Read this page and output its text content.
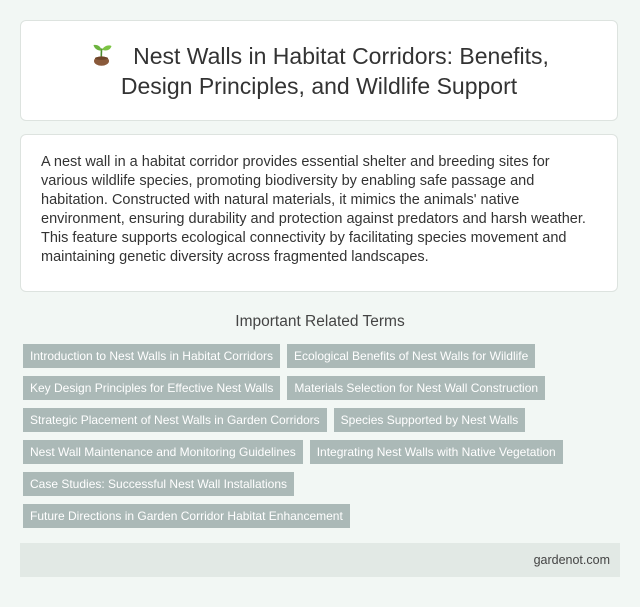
Nest Walls in Habitat Corridors: Benefits, Design Principles, and Wildlife Support

A nest wall in a habitat corridor provides essential shelter and breeding sites for various wildlife species, promoting biodiversity by enabling safe passage and habitation. Constructed with natural materials, it mimics the animals' native environment, ensuring durability and protection against predators and harsh weather. This feature supports ecological connectivity by facilitating species movement and maintaining genetic diversity across fragmented landscapes.

Important Related Terms
Introduction to Nest Walls in Habitat Corridors	Ecological Benefits of Nest Walls for Wildlife
Key Design Principles for Effective Nest Walls	Materials Selection for Nest Wall Construction
Strategic Placement of Nest Walls in Garden Corridors	Species Supported by Nest Walls
Nest Wall Maintenance and Monitoring Guidelines	Integrating Nest Walls with Native Vegetation
Case Studies: Successful Nest Wall Installations
Future Directions in Garden Corridor Habitat Enhancement
gardenot.com
